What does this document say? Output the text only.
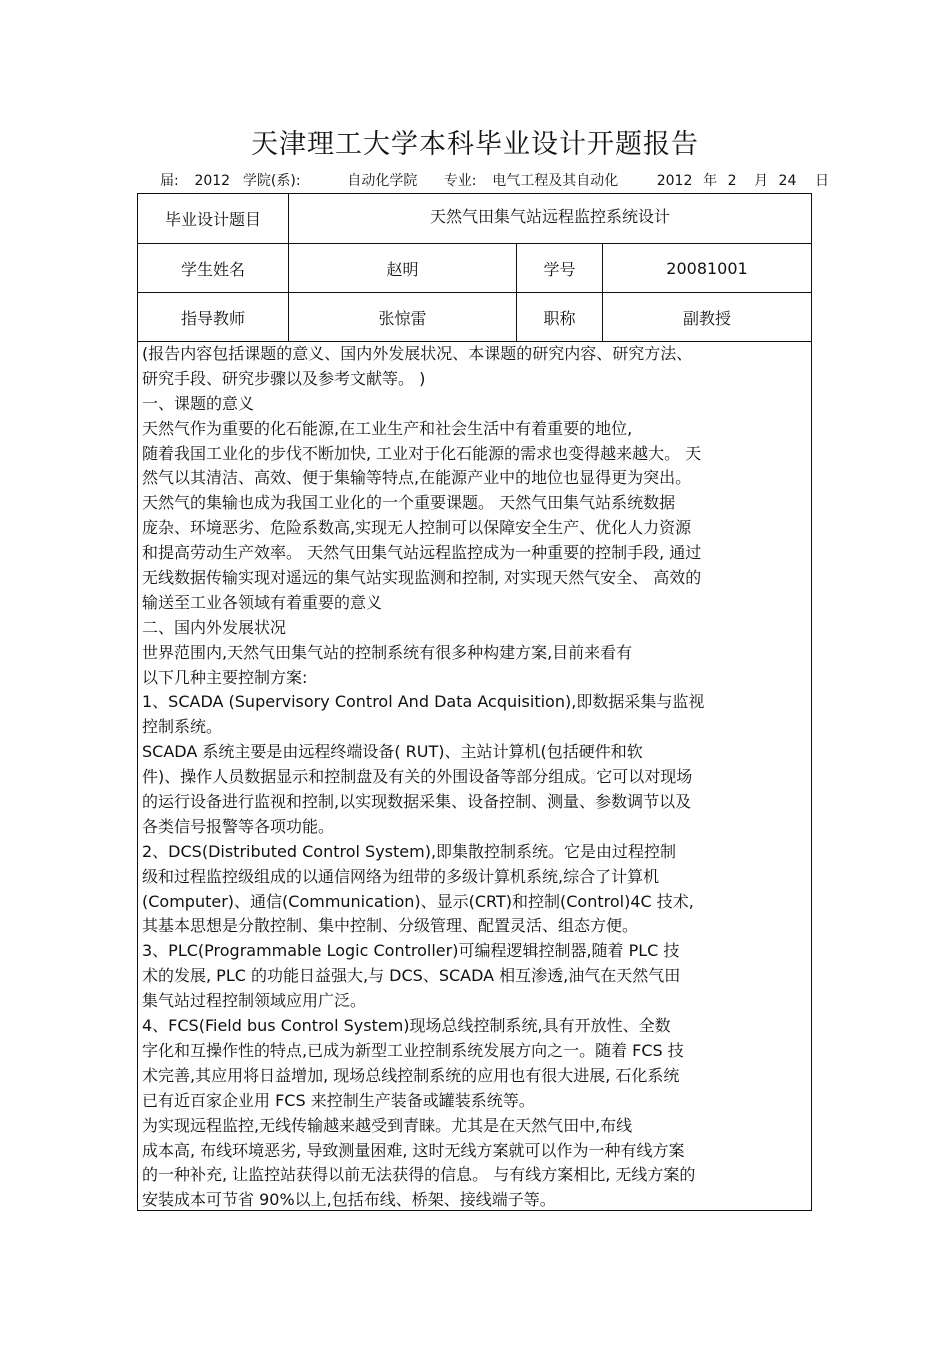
天津理工大学本科毕业设计开题报告
届: 2012 学院(系):	自动化学院 专业: 电气工程及其自动化	2012 年 2 月 24 日
毕业设计题目	天然气田集气站远程监控系统设计
学生姓名	赵明	学号	20081001
指导教师	张惊雷	职称	副教授
(报告内容包括课题的意义、国内外发展状况、本课题的研究内容、研究方法、
研究手段、研究步骤以及参考文献等。 )
一、课题的意义
天然气作为重要的化石能源,在工业生产和社会生活中有着重要的地位,
随着我国工业化的步伐不断加快, 工业对于化石能源的需求也变得越来越大。 天
然气以其清洁、高效、便于集输等特点,在能源产业中的地位也显得更为突出。
天然气的集输也成为我国工业化的一个重要课题。 天然气田集气站系统数据
庞杂、环境恶劣、危险系数高,实现无人控制可以保障安全生产、优化人力资源
和提高劳动生产效率。 天然气田集气站远程监控成为一种重要的控制手段, 通过
无线数据传输实现对遥远的集气站实现监测和控制, 对实现天然气安全、 高效的
输送至工业各领域有着重要的意义
二、国内外发展状况
世界范围内,天然气田集气站的控制系统有很多种构建方案,目前来看有
以下几种主要控制方案:
1、SCADA (Supervisory Control And Data Acquisition),即数据采集与监视
控制系统。
SCADA 系统主要是由远程终端设备( RUT)、主站计算机(包括硬件和软
件)、操作人员数据显示和控制盘及有关的外围设备等部分组成。它可以对现场
的运行设备进行监视和控制,以实现数据采集、设备控制、测量、参数调节以及
各类信号报警等各项功能。
2、DCS(Distributed Control System),即集散控制系统。它是由过程控制
级和过程监控级组成的以通信网络为纽带的多级计算机系统,综合了计算机
(Computer)、通信(Communication)、显示(CRT)和控制(Control)4C 技术,
其基本思想是分散控制、集中控制、分级管理、配置灵活、组态方便。
3、PLC(Programmable Logic Controller)可编程逻辑控制器,随着 PLC 技
术的发展, PLC 的功能日益强大,与 DCS、SCADA 相互渗透,油气在天然气田
集气站过程控制领域应用广泛。
4、FCS(Field bus Control System)现场总线控制系统,具有开放性、全数
字化和互操作性的特点,已成为新型工业控制系统发展方向之一。随着 FCS 技
术完善,其应用将日益增加, 现场总线控制系统的应用也有很大进展, 石化系统
已有近百家企业用 FCS 来控制生产装备或罐装系统等。
为实现远程监控,无线传输越来越受到青睐。尤其是在天然气田中,布线
成本高, 布线环境恶劣, 导致测量困难, 这时无线方案就可以作为一种有线方案
的一种补充, 让监控站获得以前无法获得的信息。 与有线方案相比, 无线方案的
安装成本可节省 90%以上,包括布线、桥架、接线端子等。
